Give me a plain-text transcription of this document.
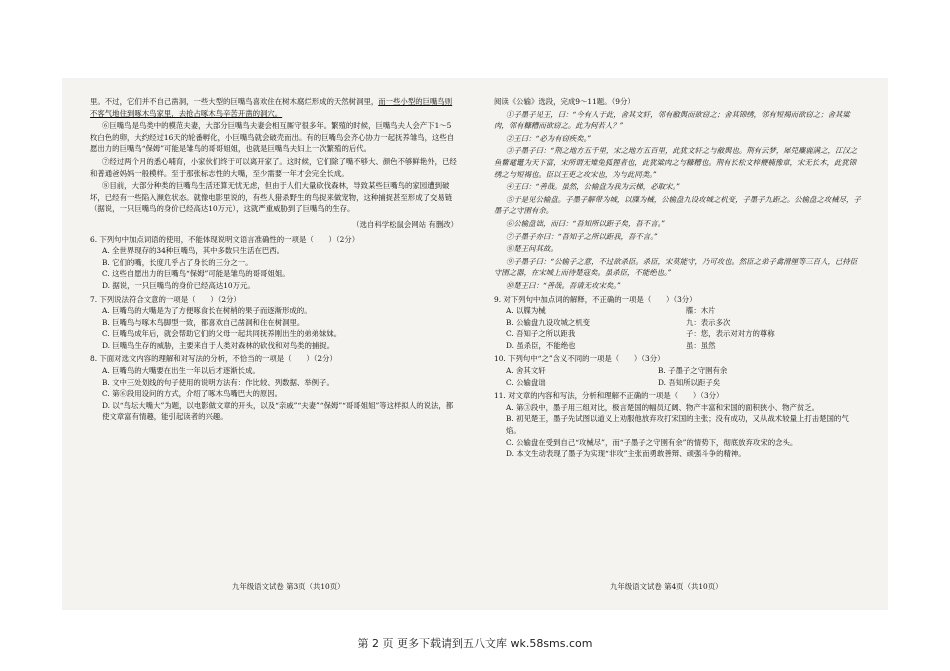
里。不过，它们并不自己凿洞，一些大型的巨嘴鸟喜欢住在树木腐烂形成的天然树洞里，而一些小型的巨嘴鸟则不客气地住到啄木鸟家里，去抢占啄木鸟辛苦开凿的洞穴。

⑥巨嘴鸟是鸟类中的模范夫妻，大部分巨嘴鸟夫妻会相互厮守很多年。繁殖的时候，巨嘴鸟夫人会产下1～5枚白色的卵，大约经过16天的轮番孵化，小巨嘴鸟就会破壳而出。有的巨嘴鸟会齐心协力一起抚养雏鸟，这些自愿出力的巨嘴鸟“保姆”可能是雏鸟的哥哥姐姐，也就是巨嘴鸟夫妇上一次繁殖的后代。

⑦经过两个月的悉心哺育，小家伙们终于可以离开家了。这时候，它们除了嘴不够大、颜色不够鲜艳外，已经和普通爸妈妈一般模样。至于那张标志性的大嘴，至少需要一年才会完全长成。

⑧目前，大部分种类的巨嘴鸟生活还算无忧无虑，但由于人们大量砍伐森林，导致某些巨嘴鸟的家园遭到破坏，已经有一些陷入濒危状态。就像电影里说的，有些人猎杀野生的鸟捉来做宠物，这种捕捉甚至形成了交易链（据说，一只巨嘴鸟的身价已经高达10万元），这就严重威胁到了巨嘴鸟的生存。

（选自科学松鼠会网站 有删改）

6. 下列句中加点词语的使用，不能体现说明文语言准确性的一项是（　　）（2分）

A. 全世界现存的34种巨嘴鸟，其中多数只生活在巴西。

B. 它们的嘴，长度几乎占了身长的三分之一。

C. 这些自愿出力的巨嘴鸟“保姆”可能是雏鸟的哥哥姐姐。

D. 据说，一只巨嘴鸟的身价已经高达10万元。

7. 下列说法符合文意的一项是（　　）（2分）

A. 巨嘴鸟的大嘴是为了方便啄食长在树梢的果子而逐渐形成的。

B. 巨嘴鸟与啄木鸟脚型一致，都喜欢自己凿洞和住在树洞里。

C. 巨嘴鸟成年后，就会帮助它们的父母一起共同抚养刚出生的弟弟妹妹。

D. 巨嘴鸟生存的威胁，主要来自于人类对森林的砍伐和对鸟类的捕捉。

8. 下面对选文内容的理解和对写法的分析，不恰当的一项是（　　）（2分）

A. 巨嘴鸟的大嘴要在出生一年以后才逐渐长成。

B. 文中三处划线的句子使用的说明方法有：作比较、列数据、举例子。

C. 第⑥段用设问的方式，介绍了啄木鸟嘴巴大的原因。

D. 以“鸟坛大嘴大”为题，以电影做文章的开头，以及“亲戚”“夫妻”“保姆”“哥哥姐姐”等这样拟人的说法，都使文章富有情趣，能引起读者的兴趣。

阅读《公输》选段，完成9～11题。（9分）

①子墨子见王，曰：“今有人于此，舍其文轩，邻有敝舆而欲窃之；舍其锦绣，邻有短褐而欲窃之；舍其粱肉，邻有糠糟而欲窃之。此为何若人？”

②王曰：“必为有窃疾矣。”

③子墨子曰：“荆之地方五千里，宋之地方五百里，此犹文轩之与敝舆也。荆有云梦，犀兕麋鹿满之，江汉之鱼鳖鼋鼍为天下富，宋所谓无雉兔狐狸者也，此犹粱肉之与糠糟也。荆有长松文梓楩楠豫章，宋无长木，此犹锦绣之与短褐也。臣以王吏之攻宋也，为与此同类。”

④王曰：“善哉。虽然，公输盘为我为云梯，必取宋。”

⑤于是见公输盘。子墨子解带为城，以牒为械，公输盘九设攻城之机变，子墨子九距之。公输盘之攻械尽，子墨子之守圉有余。

⑥公输盘诎，而曰：“吾知所以距子矣，吾不言。”

⑦子墨子亦曰：“吾知子之所以距我，吾不言。”

⑧楚王问其故。

⑨子墨子曰：“公输子之意，不过欲杀臣。杀臣，宋莫能守，乃可攻也。然臣之弟子禽滑厘等三百人，已持臣守圉之器，在宋城上而待楚寇矣。虽杀臣，不能绝也。”

⑩楚王曰：“善哉。吾请无攻宋矣。”

9. 对下列句中加点词的解释，不正确的一项是（　　）（3分）

A. 以牒为械	牒：木片
B. 公输盘九设攻城之机变	九：表示多次
C. 吾知子之所以距我	子：您，表示对对方的尊称
D. 虽杀臣，不能绝也	虽：虽然

10. 下列句中“之”含义不同的一项是（　　）（3分）

A. 舍其文轩	B. 子墨子之守圉有余
C. 公输盘诎	D. 吾知所以距子矣

11. 对文章的内容和写法，分析和理解不正确的一项是（　　）（3分）

A. 第③段中，墨子用三组对比，极言楚国的幅员辽阔、物产丰富和宋国的面积狭小、物产贫乏。

B. 初见楚王，墨子先试图以道义上劝服他放弃攻打宋国的主张；没有成功，又从战术较量上打击楚国的气焰。

C. 公输盘在受到自己“攻械尽”，而“子墨子之守圉有余”的情势下，彻底放弃攻宋的念头。

D. 本文生动表现了墨子为实现“非攻”主张而勇敢善辩、顽强斗争的精神。

九年级语文试卷 第3页（共10页）	九年级语文试卷 第4页（共10页）
第 2 页 更多下载请到五八文库 wk.58sms.com
